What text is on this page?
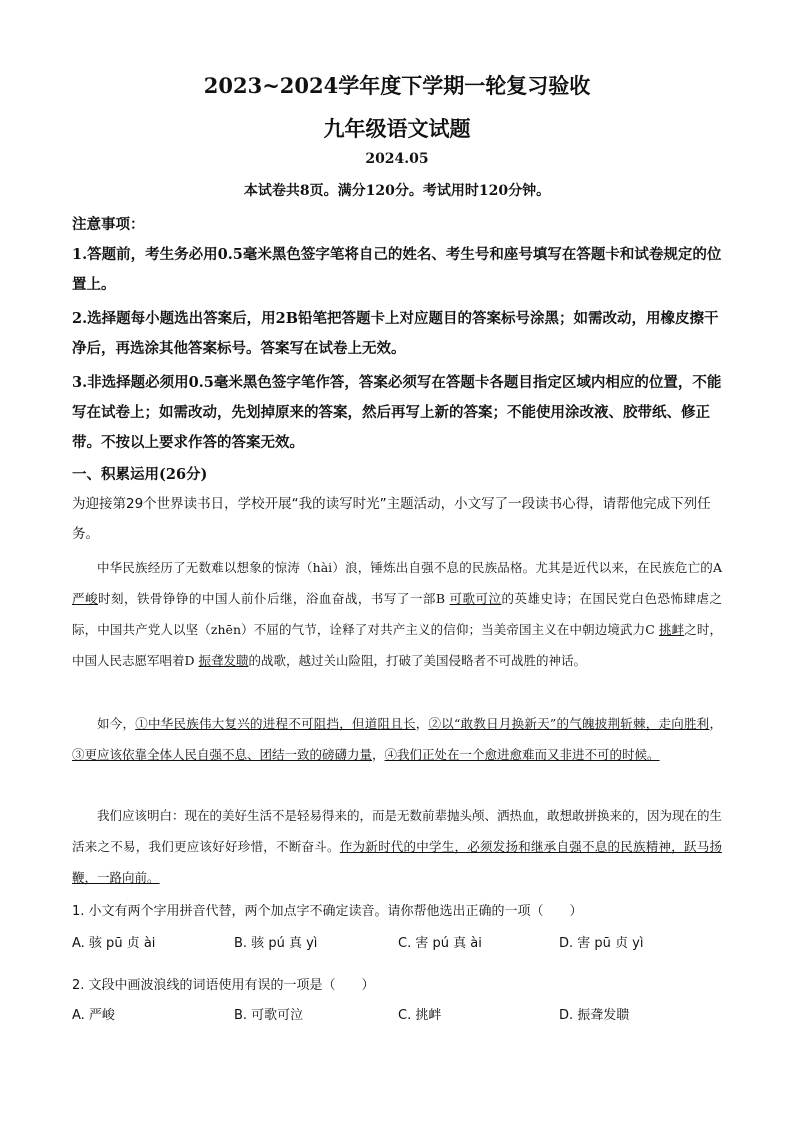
2023~2024学年度下学期一轮复习验收
九年级语文试题
2024.05
本试卷共8页。满分120分。考试用时120分钟。
注意事项：
1.答题前，考生务必用0.5毫米黑色签字笔将自己的姓名、考生号和座号填写在答题卡和试卷规定的位置上。
2.选择题每小题选出答案后，用2B铅笔把答题卡上对应题目的答案标号涂黑；如需改动，用橡皮擦干净后，再选涂其他答案标号。答案写在试卷上无效。
3.非选择题必须用0.5毫米黑色签字笔作答，答案必须写在答题卡各题目指定区域内相应的位置，不能写在试卷上；如需改动，先划掉原来的答案，然后再写上新的答案；不能使用涂改液、胶带纸、修正带。不按以上要求作答的答案无效。
一、积累运用(26分)
为迎接第29个世界读书日，学校开展“我的读写时光”主题活动，小文写了一段读书心得，请帮他完成下列任务。
中华民族经历了无数难以想象的惊涛（hài）浪，锤炼出自强不息的民族品格。尤其是近代以来，在民族危亡的A 严峻时刻，铁骨铮铮的中国人前仆后继，浴血奋战，书写了一部B 可歌可泣的英雄史诗；在国民党白色恐怖肆虐之际，中国共产党人以坚（zhēn）不屈的气节，诠释了对共产主义的信仰；当美帝国主义在中朝边境武力C 挑衅之时，中国人民志愿军唱着D 振聋发聩的战歌，越过关山险阻，打破了美国侵略者不可战胜的神话。
如今，①中华民族伟大复兴的进程不可阻挡，但道阻且长，②以“敢教日月换新天”的气魄披荆斩棘，走向胜利，③更应该依靠全体人民自强不息、团结一致的磅礴力量，④我们正处在一个愈进愈难而又非进不可的时候。
我们应该明白：现在的美好生活不是轻易得来的，而是无数前辈抛头颅、洒热血，敢想敢拼换来的，因为现在的生活来之不易，我们更应该好好珍惜，不断奋斗。作为新时代的中学生，必须发扬和继承自强不息的民族精神，跃马扬鞭，一路向前。
1. 小文有两个字用拼音代替，两个加点字不确定读音。请你帮他选出正确的一项（　　）
A. 骇 pū 贞 ài	B. 骇 pú 真 yì	C. 害 pú 真 ài	D. 害 pū 贞 yì
2. 文段中画波浪线的词语使用有误的一项是（　　）
A. 严峻	B. 可歌可泣	C. 挑衅	D. 振聋发聩
